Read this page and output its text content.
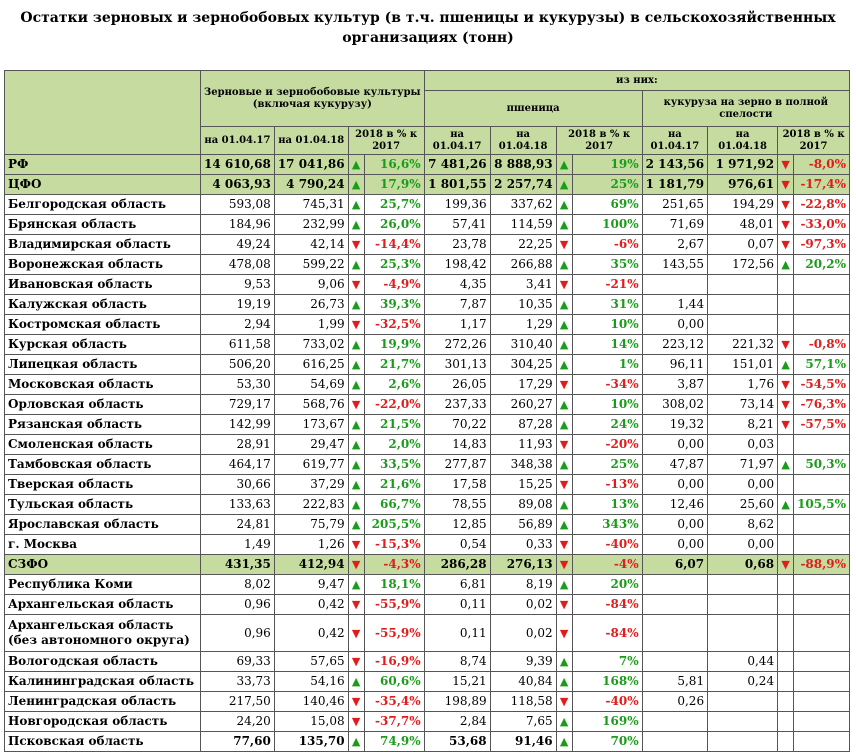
Остатки зерновых и зернобобовых культур (в т.ч. пшеницы и кукурузы) в сельскохозяйственных организациях (тонн)
	Зерновые и зернобобовые культуры (включая кукурузу)				из них:							
					пшеница				кукуруза на зерно в полной спелости			
	на 01.04.17	на 01.04.18	2018 в % к 2017		на 01.04.17	на 01.04.18	2018 в % к 2017		на 01.04.17	на 01.04.18	2018 в % к 2017	
РФ	14 610,68	17 041,86	▲	16,6%	7 481,26	8 888,93	▲	19%	2 143,56	1 971,92	▼	-8,0%
ЦФО	4 063,93	4 790,24	▲	17,9%	1 801,55	2 257,74	▲	25%	1 181,79	976,61	▼	-17,4%
Белгородская область	593,08	745,31	▲	25,7%	199,36	337,62	▲	69%	251,65	194,29	▼	-22,8%
Брянская область	184,96	232,99	▲	26,0%	57,41	114,59	▲	100%	71,69	48,01	▼	-33,0%
Владимирская область	49,24	42,14	▼	-14,4%	23,78	22,25	▼	-6%	2,67	0,07	▼	-97,3%
Воронежская область	478,08	599,22	▲	25,3%	198,42	266,88	▲	35%	143,55	172,56	▲	20,2%
Ивановская область	9,53	9,06	▼	-4,9%	4,35	3,41	▼	-21%				
Калужская область	19,19	26,73	▲	39,3%	7,87	10,35	▲	31%	1,44			
Костромская область	2,94	1,99	▼	-32,5%	1,17	1,29	▲	10%	0,00			
Курская область	611,58	733,02	▲	19,9%	272,26	310,40	▲	14%	223,12	221,32	▼	-0,8%
Липецкая область	506,20	616,25	▲	21,7%	301,13	304,25	▲	1%	96,11	151,01	▲	57,1%
Московская область	53,30	54,69	▲	2,6%	26,05	17,29	▼	-34%	3,87	1,76	▼	-54,5%
Орловская область	729,17	568,76	▼	-22,0%	237,33	260,27	▲	10%	308,02	73,14	▼	-76,3%
Рязанская область	142,99	173,67	▲	21,5%	70,22	87,28	▲	24%	19,32	8,21	▼	-57,5%
Смоленская область	28,91	29,47	▲	2,0%	14,83	11,93	▼	-20%	0,00	0,03		
Тамбовская область	464,17	619,77	▲	33,5%	277,87	348,38	▲	25%	47,87	71,97	▲	50,3%
Тверская область	30,66	37,29	▲	21,6%	17,58	15,25	▼	-13%	0,00	0,00		
Тульская область	133,63	222,83	▲	66,7%	78,55	89,08	▲	13%	12,46	25,60	▲	105,5%
Ярославская область	24,81	75,79	▲	205,5%	12,85	56,89	▲	343%	0,00	8,62		
г. Москва	1,49	1,26	▼	-15,3%	0,54	0,33	▼	-40%	0,00	0,00		
СЗФО	431,35	412,94	▼	-4,3%	286,28	276,13	▼	-4%	6,07	0,68	▼	-88,9%
Республика Коми	8,02	9,47	▲	18,1%	6,81	8,19	▲	20%				
Архангельская область	0,96	0,42	▼	-55,9%	0,11	0,02	▼	-84%				
Архангельская область (без автономного округа)	0,96	0,42	▼	-55,9%	0,11	0,02	▼	-84%				
Вологодская область	69,33	57,65	▼	-16,9%	8,74	9,39	▲	7%		0,44		
Калининградская область	33,73	54,16	▲	60,6%	15,21	40,84	▲	168%	5,81	0,24		
Ленинградская область	217,50	140,46	▼	-35,4%	198,89	118,58	▼	-40%	0,26			
Новгородская область	24,20	15,08	▼	-37,7%	2,84	7,65	▲	169%				
Псковская область	77,60	135,70	▲	74,9%	53,68	91,46	▲	70%				
